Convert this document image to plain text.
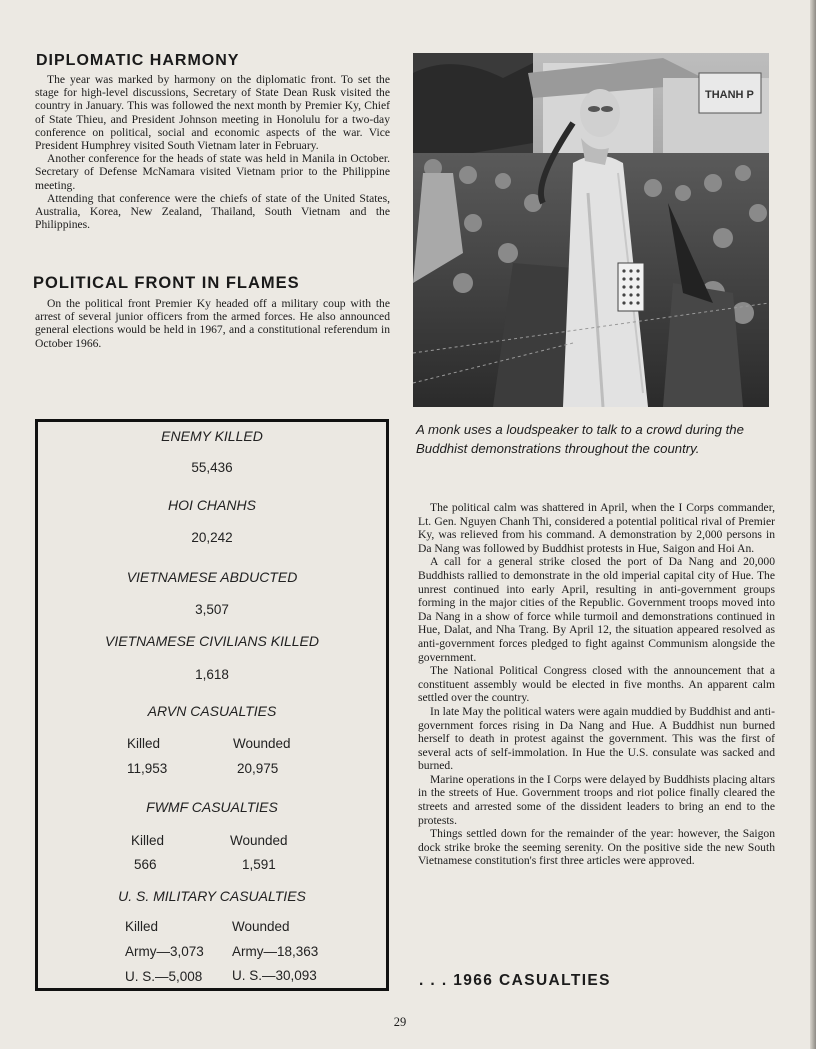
DIPLOMATIC HARMONY

The year was marked by harmony on the diplomatic front. To set the stage for high-level discussions, Secretary of State Dean Rusk visited the country in January. This was followed the next month by Premier Ky, Chief of State Thieu, and President Johnson meeting in Honolulu for a two-day conference on political, social and economic aspects of the war. Vice President Humphrey visited South Vietnam later in February.

Another conference for the heads of state was held in Manila in October. Secretary of Defense McNamara visited Vietnam prior to the Philippine meeting.

Attending that conference were the chiefs of state of the United States, Australia, Korea, New Zealand, Thailand, South Vietnam and the Philippines.

POLITICAL FRONT IN FLAMES

On the political front Premier Ky headed off a military coup with the arrest of several junior officers from the armed forces. He also announced general elections would be held in 1967, and a constitutional referendum in October 1966.

THANH P

A monk uses a loudspeaker to talk to a crowd during the Buddhist demonstrations throughout the country.

ENEMY KILLED

55,436

HOI CHANHS

20,242

VIETNAMESE ABDUCTED

3,507

VIETNAMESE CIVILIANS KILLED

1,618

ARVN CASUALTIES

Killed	Wounded

11,953	20,975

FWMF CASUALTIES

Killed	Wounded

566	1,591

U. S. MILITARY CASUALTIES

Killed	Wounded

Army—3,073 Army—18,363

U. S.—5,008 U. S.—30,093

The political calm was shattered in April, when the I Corps commander, Lt. Gen. Nguyen Chanh Thi, considered a potential political rival of Premier Ky, was relieved from his command. A demonstration by 2,000 persons in Da Nang was followed by Buddhist protests in Hue, Saigon and Hoi An.

A call for a general strike closed the port of Da Nang and 20,000 Buddhists rallied to demonstrate in the old imperial capital city of Hue. The unrest continued into early April, resulting in anti-government groups forming in the major cities of the Republic. Government troops moved into Da Nang in a show of force while turmoil and demonstrations continued in Hue, Dalat, and Nha Trang. By April 12, the situation appeared resolved as anti-government forces pledged to fight against Communism alongside the government.

The National Political Congress closed with the announcement that a constituent assembly would be elected in five months. An apparent calm settled over the country.

In late May the political waters were again muddied by Buddhist and anti-government forces rising in Da Nang and Hue. A Buddhist nun burned herself to death in protest against the government. This was the first of several acts of self-immolation. In Hue the U.S. consulate was sacked and burned.

Marine operations in the I Corps were delayed by Buddhists placing altars in the streets of Hue. Government troops and riot police finally cleared the streets and arrested some of the dissident leaders to bring an end to the protests.

Things settled down for the remainder of the year: however, the Saigon dock strike broke the seeming serenity. On the positive side the new South Vietnamese constitution's first three articles were approved.

. . . 1966 CASUALTIES

29
